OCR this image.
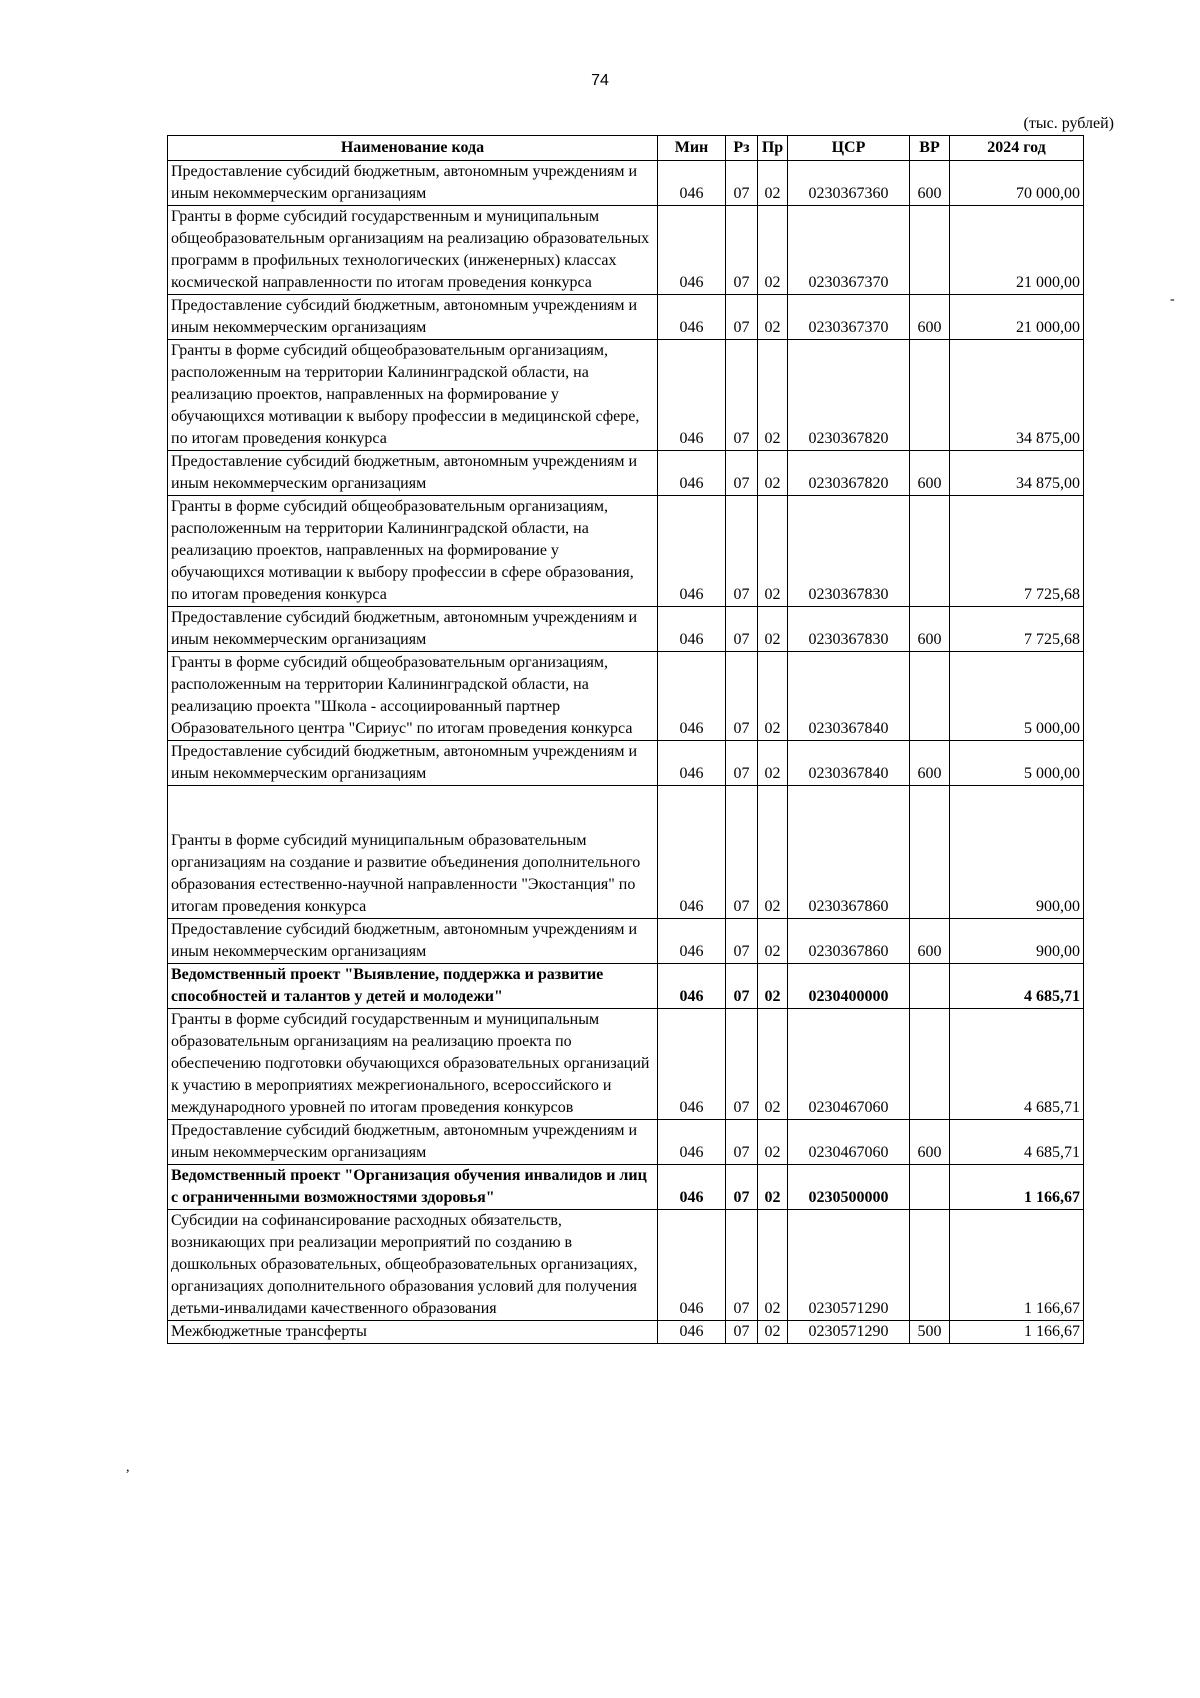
74
(тыс. рублей)
Наименование кода	Мин	Рз	Пр	ЦСР	ВР	2024 год
Предоставление субсидий бюджетным, автономным учреждениям и иным некоммерческим организациям	046	07	02	0230367360	600	70 000,00
Гранты в форме субсидий государственным и муниципальным общеобразовательным организациям на реализацию образовательных программ в профильных технологических (инженерных) классах космической направленности по итогам проведения конкурса	046	07	02	0230367370		21 000,00
Предоставление субсидий бюджетным, автономным учреждениям и иным некоммерческим организациям	046	07	02	0230367370	600	21 000,00
Гранты в форме субсидий общеобразовательным организациям, расположенным на территории Калининградской области, на реализацию проектов, направленных на формирование у обучающихся мотивации к выбору профессии в медицинской сфере, по итогам проведения конкурса	046	07	02	0230367820		34 875,00
Предоставление субсидий бюджетным, автономным учреждениям и иным некоммерческим организациям	046	07	02	0230367820	600	34 875,00
Гранты в форме субсидий общеобразовательным организациям, расположенным на территории Калининградской области, на реализацию проектов, направленных на формирование у обучающихся мотивации к выбору профессии в сфере образования, по итогам проведения конкурса	046	07	02	0230367830		7 725,68
Предоставление субсидий бюджетным, автономным учреждениям и иным некоммерческим организациям	046	07	02	0230367830	600	7 725,68
Гранты в форме субсидий общеобразовательным организациям, расположенным на территории Калининградской области, на реализацию проекта "Школа - ассоциированный партнер Образовательного центра "Сириус" по итогам проведения конкурса	046	07	02	0230367840		5 000,00
Предоставление субсидий бюджетным, автономным учреждениям и иным некоммерческим организациям	046	07	02	0230367840	600	5 000,00
Гранты в форме субсидий муниципальным образовательным организациям на создание и развитие объединения дополнительного образования естественно-научной направленности "Экостанция" по итогам проведения конкурса	046	07	02	0230367860		900,00
Предоставление субсидий бюджетным, автономным учреждениям и иным некоммерческим организациям	046	07	02	0230367860	600	900,00
Ведомственный проект "Выявление, поддержка и развитие способностей и талантов у детей и молодежи"	046	07	02	0230400000		4 685,71
Гранты в форме субсидий государственным и муниципальным образовательным организациям на реализацию проекта по обеспечению подготовки обучающихся образовательных организаций к участию в мероприятиях межрегионального, всероссийского и международного уровней по итогам проведения конкурсов	046	07	02	0230467060		4 685,71
Предоставление субсидий бюджетным, автономным учреждениям и иным некоммерческим организациям	046	07	02	0230467060	600	4 685,71
Ведомственный проект "Организация обучения инвалидов и лиц с ограниченными возможностями здоровья"	046	07	02	0230500000		1 166,67
Субсидии на софинансирование расходных обязательств, возникающих при реализации мероприятий по созданию в дошкольных образовательных, общеобразовательных организациях, организациях дополнительного образования условий для получения детьми-инвалидами качественного образования	046	07	02	0230571290		1 166,67
Межбюджетные трансферты	046	07	02	0230571290	500	1 166,67
-
,
